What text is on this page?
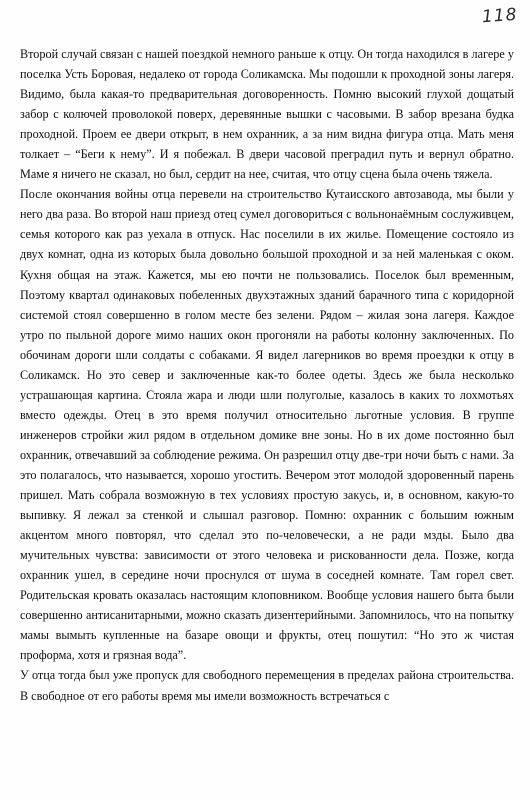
118

Второй случай связан с нашей поездкой немного раньше к отцу. Он тогда находился в лагере у поселка Усть Боровая, недалеко от города Соликамска. Мы подошли к проходной зоны лагеря. Видимо, была какая-то предварительная договоренность. Помню высокий глухой дощатый забор с колючей проволокой поверх, деревянные вышки с часовыми. В забор врезана будка проходной. Проем ее двери открыт, в нем охранник, а за ним видна фигура отца. Мать меня толкает – “Беги к нему”. И я побежал. В двери часовой преградил путь и вернул обратно. Маме я ничего не сказал, но был, сердит на нее, считая, что отцу сцена была очень тяжела.

После окончания войны отца перевели на строительство Кутаисского автозавода, мы были у него два раза. Во второй наш приезд отец сумел договориться с вольнонаёмным сослуживцем, семья которого как раз уехала в отпуск. Нас поселили в их жилье. Помещение состояло из двух комнат, одна из которых была довольно большой проходной и за ней маленькая с оком. Кухня общая на этаж. Кажется, мы ею почти не пользовались. Поселок был временным, Поэтому квартал одинаковых побеленных двухэтажных зданий барачного типа с коридорной системой стоял совершенно в голом месте без зелени. Рядом – жилая зона лагеря. Каждое утро по пыльной дороге мимо наших окон прогоняли на работы колонну заключенных. По обочинам дороги шли солдаты с собаками. Я видел лагерников во время проездки к отцу в Соликамск. Но это север и заключенные как-то более одеты. Здесь же была несколько устрашающая картина. Стояла жара и люди шли полуголые, казалось в каких то лохмотьях вместо одежды. Отец в это время получил относительно льготные условия. В группе инженеров стройки жил рядом в отдельном домике вне зоны. Но в их доме постоянно был охранник, отвечавший за соблюдение режима. Он разрешил отцу две-три ночи быть с нами. За это полагалось, что называется, хорошо угостить. Вечером этот молодой здоровенный парень пришел. Мать собрала возможную в тех условиях простую закусь, и, в основном, какую-то выпивку. Я лежал за стенкой и слышал разговор. Помню: охранник с большим южным акцентом много повторял, что сделал это по-человечески, а не ради мзды. Было два мучительных чувства: зависимости от этого человека и рискованности дела. Позже, когда охранник ушел, в середине ночи проснулся от шума в соседней комнате. Там горел свет. Родительская кровать оказалась настоящим клоповником. Вообще условия нашего быта были совершенно антисанитарными, можно сказать дизентерийными. Запомнилось, что на попытку мамы вымыть купленные на базаре овощи и фрукты, отец пошутил: “Но это ж чистая проформа, хотя и грязная вода”.

У отца тогда был уже пропуск для свободного перемещения в пределах района строительства. В свободное от его работы время мы имели возможность встречаться с
